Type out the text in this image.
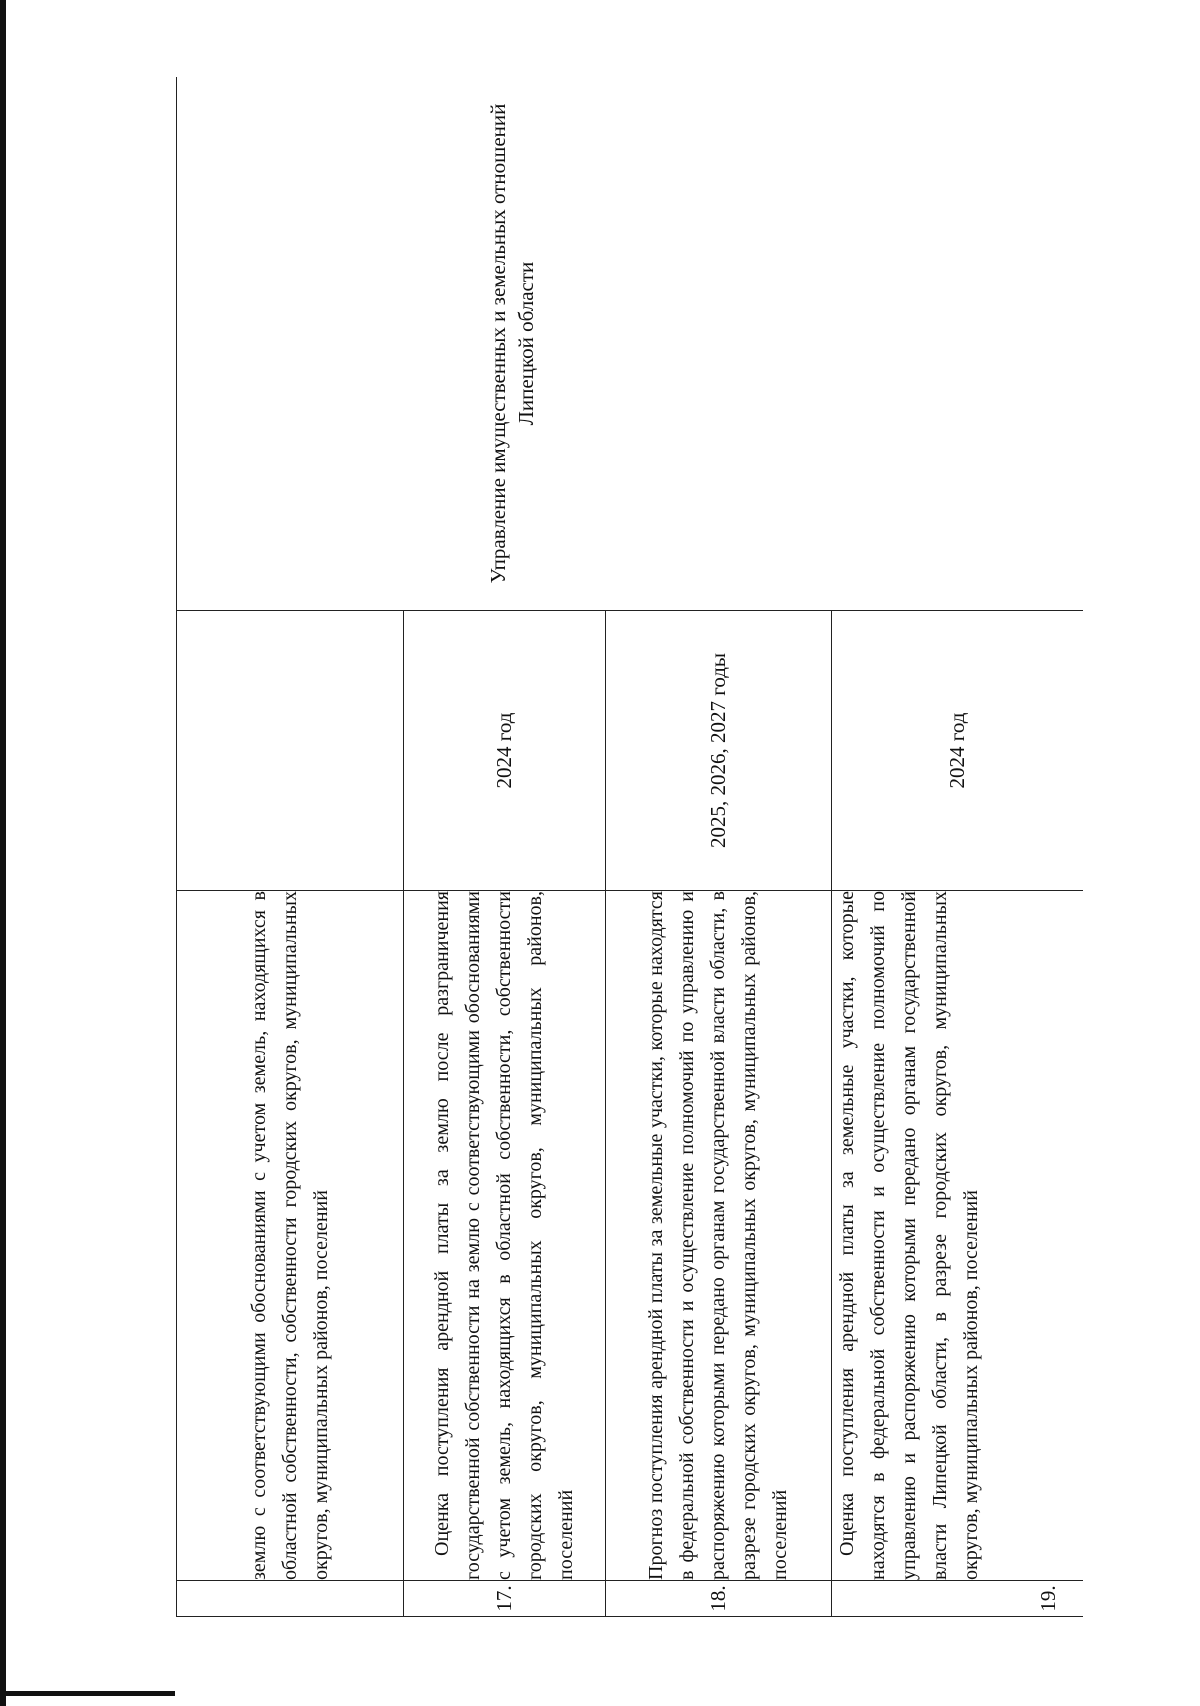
	землю с соответствующими обоснованиями с учетом земель, находящихся в областной собственности, собственности городских округов, муниципальных округов, муниципальных районов, поселений		Управление имущественных и земельных отношений Липецкой области

17.	Оценка поступления арендной платы за землю после разграничения государственной собственности на землю с соответствующими обоснованиями с учетом земель, находящихся в областной собственности, собственности городских округов, муниципальных округов, муниципальных районов, поселений	2024 год	
18.	Прогноз поступления арендной платы за земельные участки, которые находятся в федеральной собственности и осуществление полномочий по управлению и распоряжению которыми передано органам государственной власти области, в разрезе городских округов, муниципальных округов, муниципальных районов, поселений	2025, 2026, 2027 годы	
19.	Оценка поступления арендной платы за земельные участки, которые находятся в федеральной собственности и осуществление полномочий по управлению и распоряжению которыми передано органам государственной власти Липецкой области, в разрезе городских округов, муниципальных округов, муниципальных районов, поселений	2024 год	
